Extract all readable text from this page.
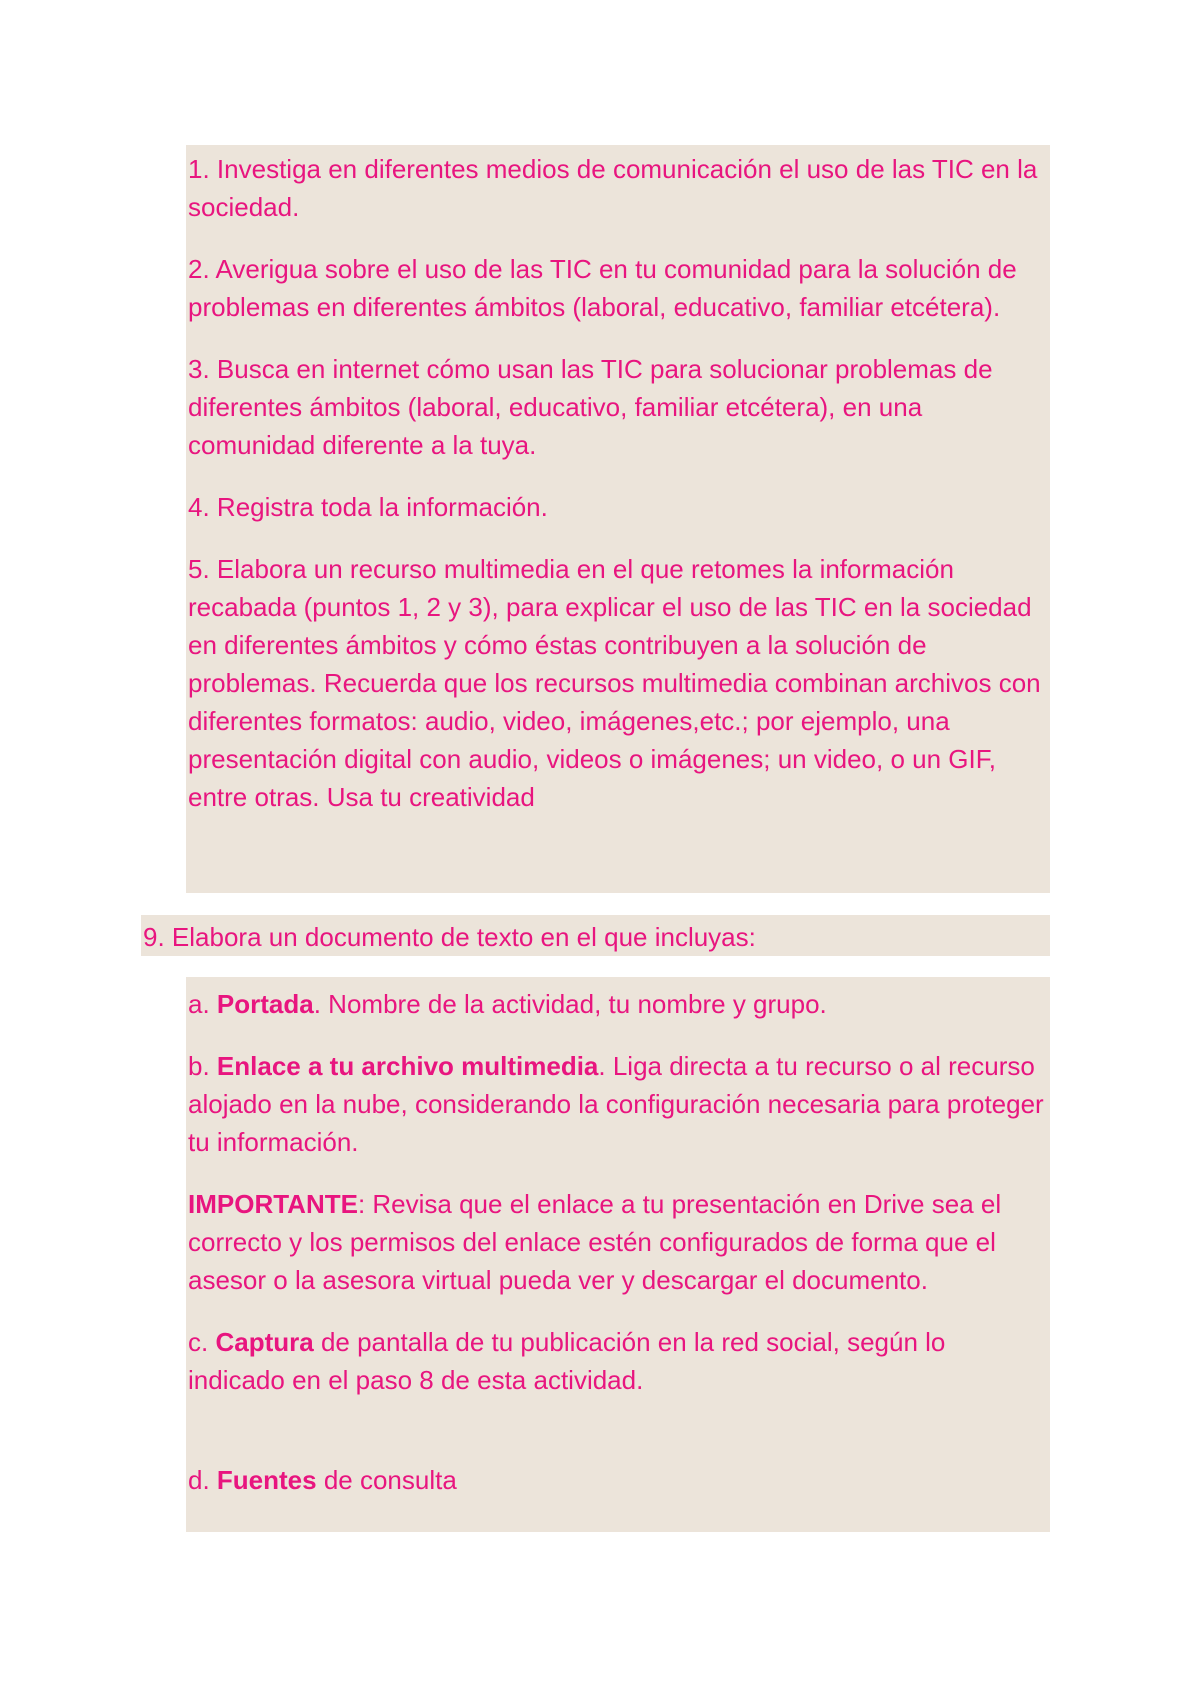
1. Investiga en diferentes medios de comunicación el uso de las TIC en la sociedad.

2. Averigua sobre el uso de las TIC en tu comunidad para la solución de problemas en diferentes ámbitos (laboral, educativo, familiar etcétera).

3. Busca en internet cómo usan las TIC para solucionar problemas de diferentes ámbitos (laboral, educativo, familiar etcétera), en una comunidad diferente a la tuya.

4. Registra toda la información.

5. Elabora un recurso multimedia en el que retomes la información recabada (puntos 1, 2 y 3), para explicar el uso de las TIC en la sociedad en diferentes ámbitos y cómo éstas contribuyen a la solución de problemas. Recuerda que los recursos multimedia combinan archivos con diferentes formatos: audio, video, imágenes,etc.; por ejemplo, una presentación digital con audio, videos o imágenes; un video, o un GIF, entre otras. Usa tu creatividad

9. Elabora un documento de texto en el que incluyas:

a. Portada. Nombre de la actividad, tu nombre y grupo.

b. Enlace a tu archivo multimedia. Liga directa a tu recurso o al recurso alojado en la nube, considerando la configuración necesaria para proteger tu información.

IMPORTANTE: Revisa que el enlace a tu presentación en Drive sea el correcto y los permisos del enlace estén configurados de forma que el asesor o la asesora virtual pueda ver y descargar el documento.

c. Captura de pantalla de tu publicación en la red social, según lo indicado en el paso 8 de esta actividad.

d. Fuentes de consulta
